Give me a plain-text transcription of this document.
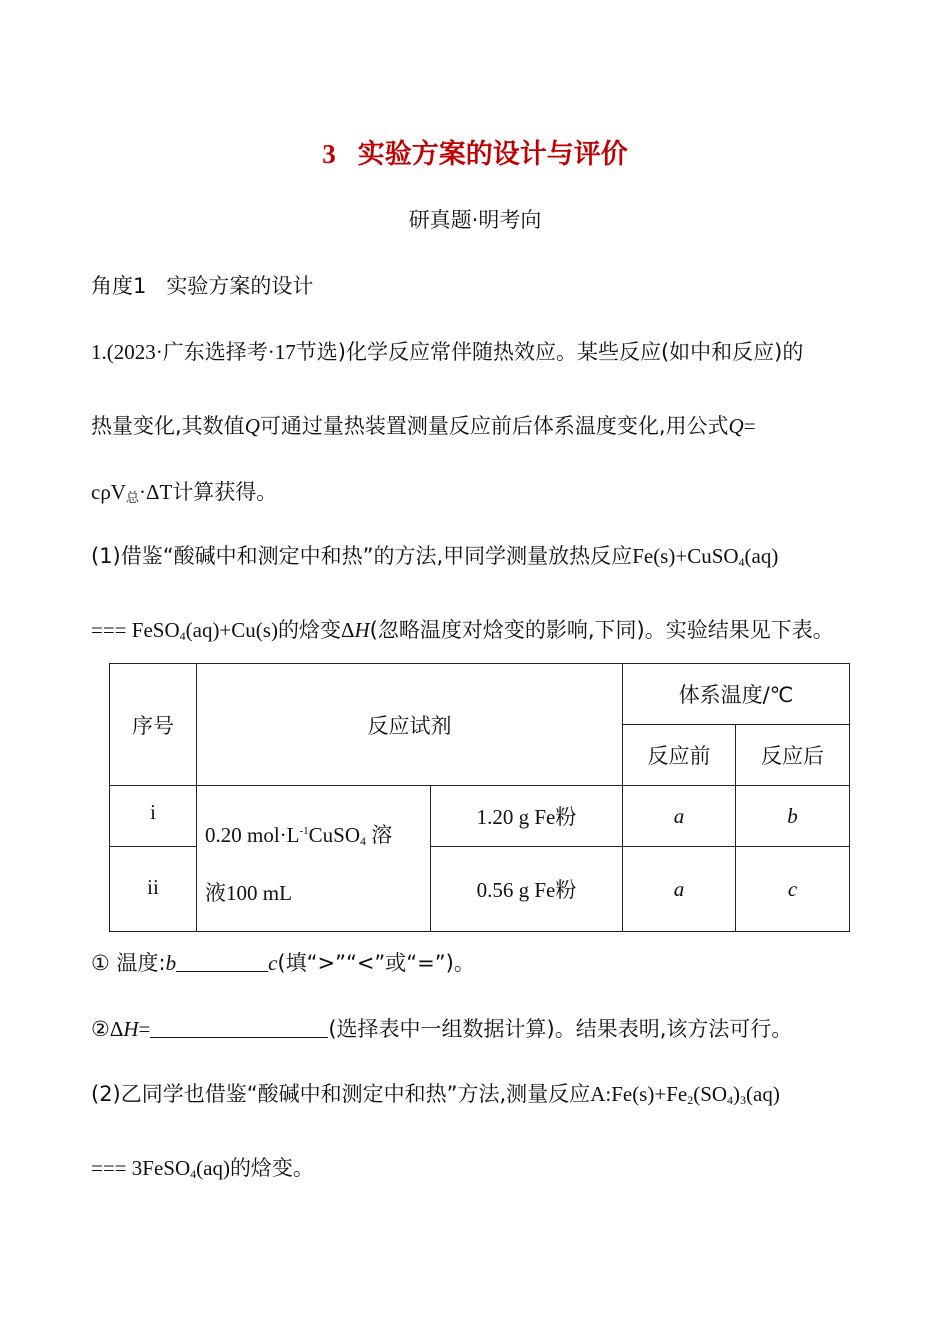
3 实验方案的设计与评价
研真题·明考向
角度1 实验方案的设计
1.(2023·广东选择考·17节选)化学反应常伴随热效应。某些反应(如中和反应)的
热量变化,其数值Q可通过量热装置测量反应前后体系温度变化,用公式Q=
cρV总·ΔT计算获得。
(1)借鉴“酸碱中和测定中和热”的方法,甲同学测量放热反应Fe(s)+CuSO$_4$(aq)
=== FeSO$_4$(aq)+Cu(s)的焓变ΔH(忽略温度对焓变的影响,下同)。实验结果见下表。
序号	反应试剂		体系温度/℃	
			反应前	反应后
i	0.20 $mol\cdot L^{-1}CuSO_4$ 溶
液100 mL	1.20 g Fe粉	a	b
ii		0.56 g Fe粉	a	c
① 温度:b	c(填“>”“<”或“=”)。
②ΔH=	(选择表中一组数据计算)。结果表明,该方法可行。
(2)乙同学也借鉴“酸碱中和测定中和热”方法,测量反应$A:Fe(s)+Fe_2(SO_4)_3(aq)$
=== 3FeSO$_4$(aq)的焓变。
